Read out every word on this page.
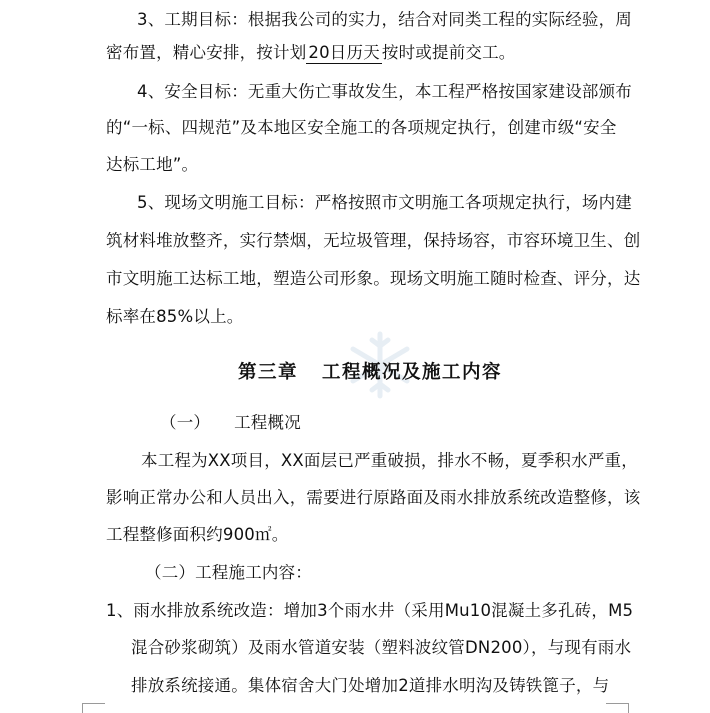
3、工期目标：根据我公司的实力，结合对同类工程的实际经验，周
密布置，精心安排，按计划 20日历天 按时或提前交工。
4、安全目标：无重大伤亡事故发生，本工程严格按国家建设部颁布
的“一标、四规范”及本地区安全施工的各项规定执行，创建市级“安全
达标工地”。
5、现场文明施工目标：严格按照市文明施工各项规定执行，场内建
筑材料堆放整齐，实行禁烟，无垃圾管理，保持场容，市容环境卫生、创
市文明施工达标工地，塑造公司形象。现场文明施工随时检查、评分，达
标率在85%以上。
第三章 工程概况及施工内容
（一） 工程概况
本工程为XX项目，XX面层已严重破损，排水不畅，夏季积水严重，
影响正常办公和人员出入，需要进行原路面及雨水排放系统改造整修，该
工程整修面积约900㎡。
（二）工程施工内容：
1、雨水排放系统改造：增加3个雨水井（采用Mu10混凝土多孔砖，M5
混合砂浆砌筑）及雨水管道安装（塑料波纹管DN200），与现有雨水
排放系统接通。集体宿舍大门处增加2道排水明沟及铸铁篦子，与
